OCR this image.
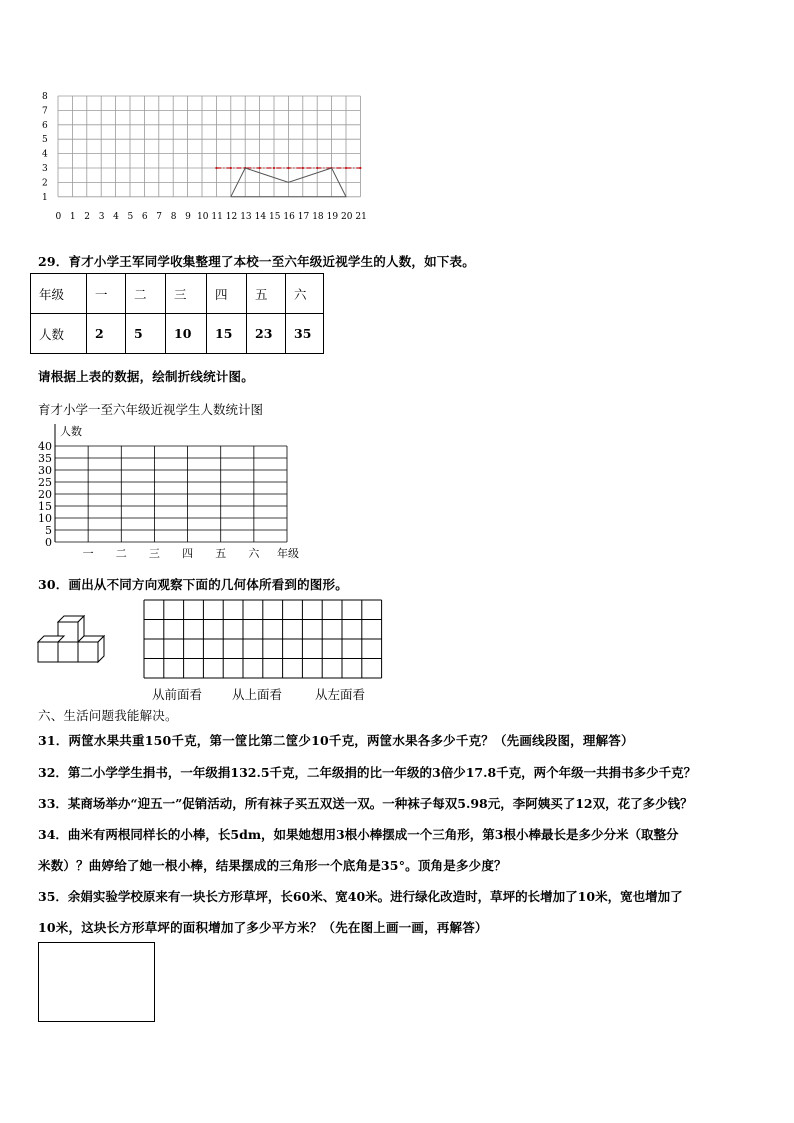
8
7
6
5
4
3
2
1
0 1 2 3 4 5 6 7 8 9 10 11 12 13 14 15 16 17 18 19 20 21
29．育才小学王军同学收集整理了本校一至六年级近视学生的人数，如下表。
年级	一	二	三	四	五	六
人数	2	5	10	15	23	35
请根据上表的数据，绘制折线统计图。
育才小学一至六年级近视学生人数统计图
40
35
30
25
20
15
10
5
0
一 二 三 四 五 六
人数
年级
30．画出从不同方向观察下面的几何体所看到的图形。
从前面看 从上面看	从左面看
六、生活问题我能解决。
31．两筐水果共重150千克，第一筐比第二筐少10千克，两筐水果各多少千克？（先画线段图，理解答）
32．第二小学学生捐书，一年级捐132.5千克，二年级捐的比一年级的3倍少17.8千克，两个年级一共捐书多少千克？
33．某商场举办“迎五一”促销活动，所有袜子买五双送一双。一种袜子每双5.98元，李阿姨买了12双，花了多少钱？
34．曲米有两根同样长的小棒，长5dm，如果她想用3根小棒摆成一个三角形，第3根小棒最长是多少分米（取整分
米数）？曲婷给了她一根小棒，结果摆成的三角形一个底角是35°。顶角是多少度？
35．余娟实验学校原来有一块长方形草坪，长60米、宽40米。进行绿化改造时，草坪的长增加了10米，宽也增加了
10米，这块长方形草坪的面积增加了多少平方米？（先在图上画一画，再解答）
